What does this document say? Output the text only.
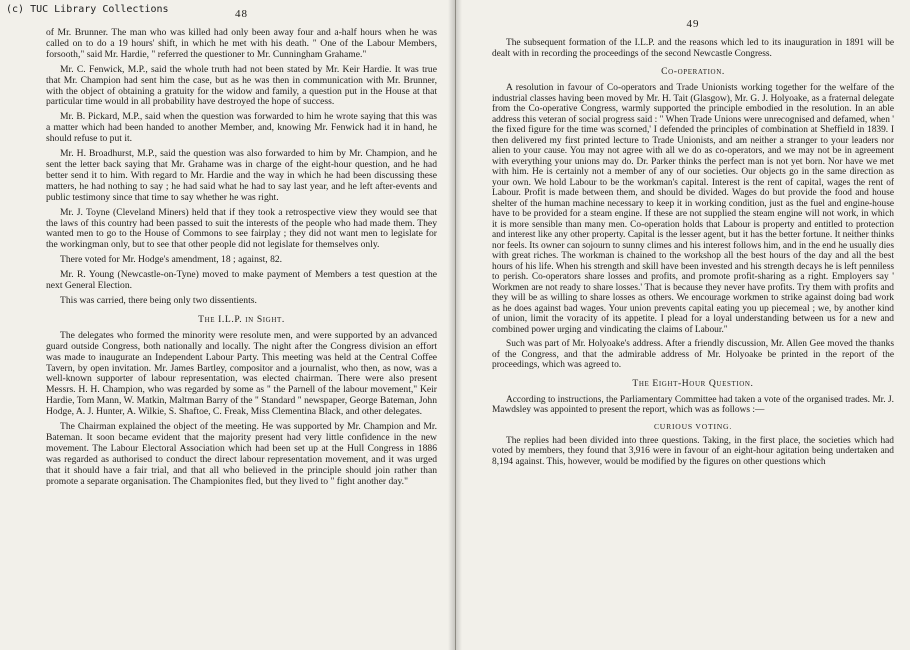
(c) TUC Library Collections	48

of Mr. Brunner. The man who was killed had only been away four and a-half hours when he was called on to do a 19 hours' shift, in which he met with his death. " One of the Labour Members, forsooth," said Mr. Hardie, " referred the questioner to Mr. Cunningham Grahame."

Mr. C. Fenwick, M.P., said the whole truth had not been stated by Mr. Keir Hardie. It was true that Mr. Champion had sent him the case, but as he was then in communication with Mr. Brunner, with the object of obtaining a gratuity for the widow and family, a question put in the House at that particular time would in all probability have destroyed the hope of success.

Mr. B. Pickard, M.P., said when the question was forwarded to him he wrote saying that this was a matter which had been handed to another Member, and, knowing Mr. Fenwick had it in hand, he should refuse to put it.

Mr. H. Broadhurst, M.P., said the question was also forwarded to him by Mr. Champion, and he sent the letter back saying that Mr. Grahame was in charge of the eight-hour question, and he had better send it to him. With regard to Mr. Hardie and the way in which he had been discussing these matters, he had nothing to say ; he had said what he had to say last year, and he left after-events and public testimony since that time to say whether he was right.

Mr. J. Toyne (Cleveland Miners) held that if they took a retrospective view they would see that the laws of this country had been passed to suit the interests of the people who had made them. They wanted men to go to the House of Commons to see fairplay ; they did not want men to legislate for the workingman only, but to see that other people did not legislate for themselves only.

There voted for Mr. Hodge's amendment, 18 ; against, 82.

Mr. R. Young (Newcastle-on-Tyne) moved to make payment of Members a test question at the next General Election.

This was carried, there being only two dissentients.

The I.L.P. in Sight.

The delegates who formed the minority were resolute men, and were supported by an advanced guard outside Congress, both nationally and locally. The night after the Congress division an effort was made to inaugurate an Independent Labour Party. This meeting was held at the Central Coffee Tavern, by open invitation. Mr. James Bartley, compositor and a journalist, who then, as now, was a well-known supporter of labour representation, was elected chairman. There were also present Messrs. H. H. Champion, who was regarded by some as " the Parnell of the labour movement," Keir Hardie, Tom Mann, W. Matkin, Maltman Barry of the " Standard " newspaper, George Bateman, John Hodge, A. J. Hunter, A. Wilkie, S. Shaftoe, C. Freak, Miss Clementina Black, and other delegates.

The Chairman explained the object of the meeting. He was supported by Mr. Champion and Mr. Bateman. It soon became evident that the majority present had very little confidence in the new movement. The Labour Electoral Association which had been set up at the Hull Congress in 1886 was regarded as authorised to conduct the direct labour representation movement, and it was urged that it should have a fair trial, and that all who believed in the principle should join rather than promote a separate organisation. The Championites fled, but they lived to " fight another day."

49

The subsequent formation of the I.L.P. and the reasons which led to its inauguration in 1891 will be dealt with in recording the proceedings of the second Newcastle Congress.

Co-operation.

A resolution in favour of Co-operators and Trade Unionists working together for the welfare of the industrial classes having been moved by Mr. H. Tait (Glasgow), Mr. G. J. Holyoake, as a fraternal delegate from the Co-operative Congress, warmly supported the principle embodied in the resolution. In an able address this veteran of social progress said : " When Trade Unions were unrecognised and defamed, when ' the fixed figure for the time was scorned,' I defended the principles of combination at Sheffield in 1839. I then delivered my first printed lecture to Trade Unionists, and am neither a stranger to your leaders nor alien to your cause. You may not agree with all we do as co-operators, and we may not be in agreement with everything your unions may do. Dr. Parker thinks the perfect man is not yet born. Nor have we met with him. He is certainly not a member of any of our societies. Our objects go in the same direction as your own. We hold Labour to be the workman's capital. Interest is the rent of capital, wages the rent of Labour. Profit is made between them, and should be divided. Wages do but provide the food and house shelter of the human machine necessary to keep it in working condition, just as the fuel and engine-house have to be provided for a steam engine. If these are not supplied the steam engine will not work, in which it is more sensible than many men. Co-operation holds that Labour is property and entitled to protection and interest like any other property. Capital is the lesser agent, but it has the better fortune. It neither thinks nor feels. Its owner can sojourn to sunny climes and his interest follows him, and in the end he usually dies with great riches. The workman is chained to the workshop all the best hours of the day and all the best hours of his life. When his strength and skill have been invested and his strength decays he is left penniless to perish. Co-operators share losses and profits, and promote profit-sharing as a right. Employers say ' Workmen are not ready to share losses.' That is because they never have profits. Try them with profits and they will be as willing to share losses as others. We encourage workmen to strike against doing bad work as he does against bad wages. Your union prevents capital eating you up piecemeal ; we, by another kind of union, limit the voracity of its appetite. I plead for a loyal understanding between us for a new and combined power urging and vindicating the claims of Labour."

Such was part of Mr. Holyoake's address. After a friendly discussion, Mr. Allen Gee moved the thanks of the Congress, and that the admirable address of Mr. Holyoake be printed in the report of the proceedings, which was agreed to.

The Eight-Hour Question.

According to instructions, the Parliamentary Committee had taken a vote of the organised trades. Mr. J. Mawdsley was appointed to present the report, which was as follows :—

CURIOUS VOTING.

The replies had been divided into three questions. Taking, in the first place, the societies which had voted by members, they found that 3,916 were in favour of an eight-hour agitation being undertaken and 8,194 against. This, however, would be modified by the figures on other questions which
